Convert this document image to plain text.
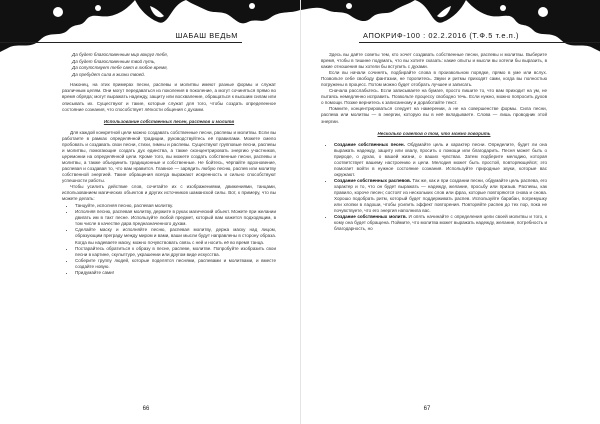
ШАБАШ ВЕДЬМ
Да будет благословенным мир вокруг тебя,
Да будет благословенным твой путь,
Да сопутствует тебе свет в любое время,
Да пребудет сила в жизни твоей.

Наконец, на этих примерах песни, распевы и молитвы имеют разные формы и служат различным целям. Они могут передаваться из поколения в поколение, а могут сочиняться прямо во время обряда; могут выражать надежду, защиту или восхваление, обращаться к высшим силам или описывать их. Существуют и такие, которые служат для того, чтобы создать определенное состояние сознания, что способствует лёгкости общения с духами.

Использование собственных песен, распевов и молитв

Для каждой конкретной цели можно создавать собственные песни, распевы и молитвы. Если вы работаете в рамках определённой традиции, руководствуйтесь её правилами. Можете смело пробовать и создавать свои песни, стихи, гимны и распевы. Существуют групповые песни, распевы и молитвы, помогающие создать дух единства, а также сконцентрировать энергию участников, церемонии на определённой цели. Кроме того, вы можете создать собственные песни, распевы и молитвы, а также объединить традиционные и собственные. Не бойтесь, чёрпайте вдохновение, распевая и создавая то, что вам нравится. Главное — зарядить любую песню, распев или молитву собственной энергией. Такие обращения всегда выражают искренность и сильно способствуют успешности работы.

Чтобы усилить действие слов, сочетайте их с изображениями, движениями, танцами, использованием магических объектов и других источников шаманской силы. Вот, к примеру, что вы можете делать:

• Танцуйте, исполняя песню, распевая молитву.
• Исполняя песню, распевая молитву, держите в руках магический объект. Можете при желании двигать им в такт песне. Используйте любой предмет, который вам кажется подходящим, в том числе в качестве дара предназначенного духам.
• Сделайте маску и исполняйте песню, распевая молитву, держа маску над лицом, образующим преграду между миром и вами, ваши мысли будут направлены в сторону образа. Когда вы надеваете маску, можно почувствовать связь с ней и носить её во время танца.
• Постарайтесь обратиться к образу в песне, распеве, молитве. Попробуйте изобразить свои песни в картине, скульптуре, украшении или другом виде искусства.
• Соберите группу людей, которые поделятся песнями, распевами и молитвами, и вместе создайте новую.
• Придумайте сами!
66
АПОКРИФ-100 : 02.2.2016 (Т.Ф.5 т.е.п.)

Здесь вы даёте советы тем, кто хочет создавать собственные песни, распевы и молитвы. Выберите время, чтобы в тишине подумать, что вы хотите сказать: какие опыты и мысли вы хотели бы выразить, в какие отношения вы хотели бы вступить с духами.

Если вы начали сочинять, подбирайте слова в произвольном порядке, прямо в уме или вслух. Позвольте себе свободу фантазии, не торопитесь. Звуки и ритмы приходят сами, когда вы полностью погружены в процесс. Потом можно будет отобрать лучшее и записать.

Сначала расслабьтесь. Если записываете на бумаге, просто пишите то, что вам приходит на ум, не пытаясь немедленно исправить. Позвольте процессу свободно течь. Если нужно, можно попросить духов о помощи. Позже вернитесь к записанному и доработайте текст.

Помните, концентрироваться следует на намерении, а не на совершенстве формы. Сила песни, распева или молитвы — в энергии, которую вы в неё вкладываете. Слова — лишь проводник этой энергии.

Несколько советов о том, что можно говорить
• Создание собственных песен. Обдумайте цель и характер песни. Определите, будет ли она выражать надежду, защиту или хвалу, просить о помощи или благодарить. Песня может быть о природе, о духах, о вашей жизни, о ваших чувствах. Затем подберите мелодию, которая соответствует вашему настроению и цели. Мелодия может быть простой, повторяющейся; это помогает войти в нужное состояние сознания. Используйте природные звуки, которые вас окружают.
• Создание собственных распевов. Так же, как и при создании песни, обдумайте цель распева, его характер и то, что он будет выражать — надежду, желание, просьбу или призыв. Распевы, как правило, короче песен; состоят из нескольких слов или фраз, которые повторяются снова и снова. Хорошо подобрать ритм, который будет поддерживать распев. Используйте барабан, погремушку или хлопки в ладоши, чтобы усилить эффект повторения. Повторяйте распев до тех пор, пока не почувствуете, что его энергия наполнила вас.
• Создание собственных молитв. И опять начинайте с определения цели своей молитвы и того, к кому она будет обращена. Поймите, что молитва может выражать надежду, желание, потребность и благодарность, но
67
